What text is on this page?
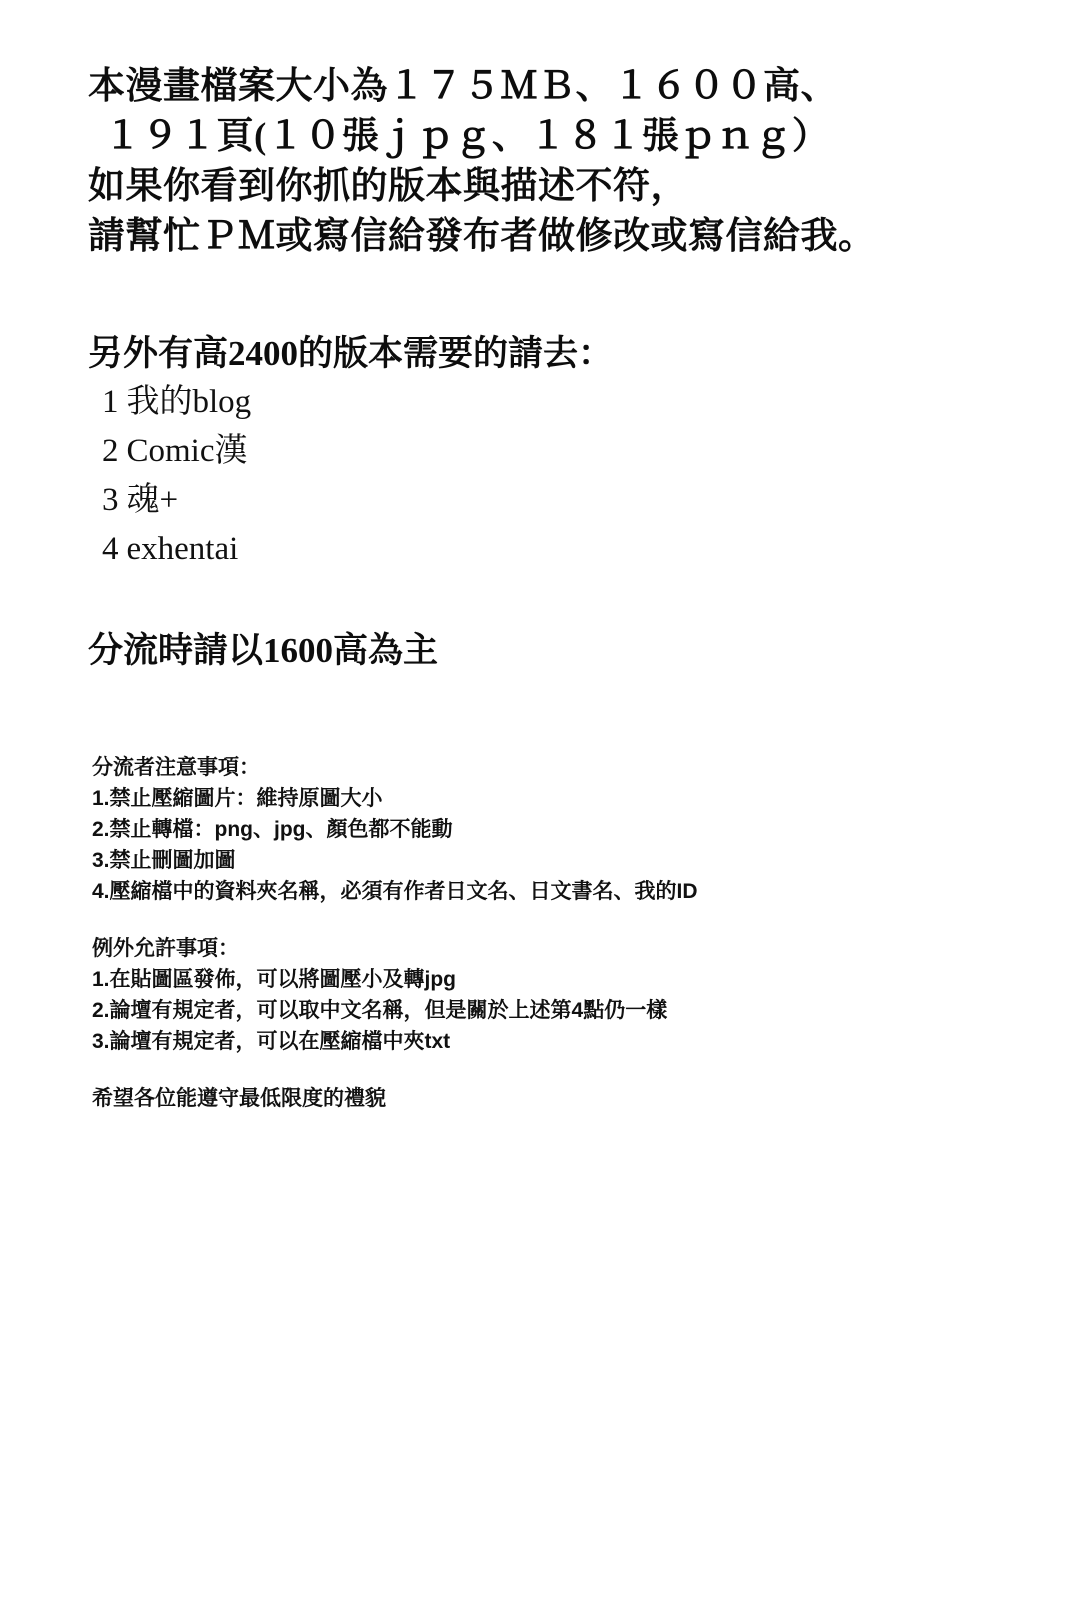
本漫畫檔案大小為１７５ＭＢ、１６００高、
１９１頁(１０張ｊｐｇ、１８１張ｐｎｇ）
如果你看到你抓的版本與描述不符，
請幫忙ＰＭ或寫信給發布者做修改或寫信給我。
另外有高2400的版本需要的請去：
1 我的blog
2 Comic漢
3 魂+
4 exhentai
分流時請以1600高為主
分流者注意事項：
1.禁止壓縮圖片：維持原圖大小
2.禁止轉檔：png、jpg、顏色都不能動
3.禁止刪圖加圖
4.壓縮檔中的資料夾名稱，必須有作者日文名、日文書名、我的ID
例外允許事項：
1.在貼圖區發佈，可以將圖壓小及轉jpg
2.論壇有規定者，可以取中文名稱，但是關於上述第4點仍一樣
3.論壇有規定者，可以在壓縮檔中夾txt
希望各位能遵守最低限度的禮貌
